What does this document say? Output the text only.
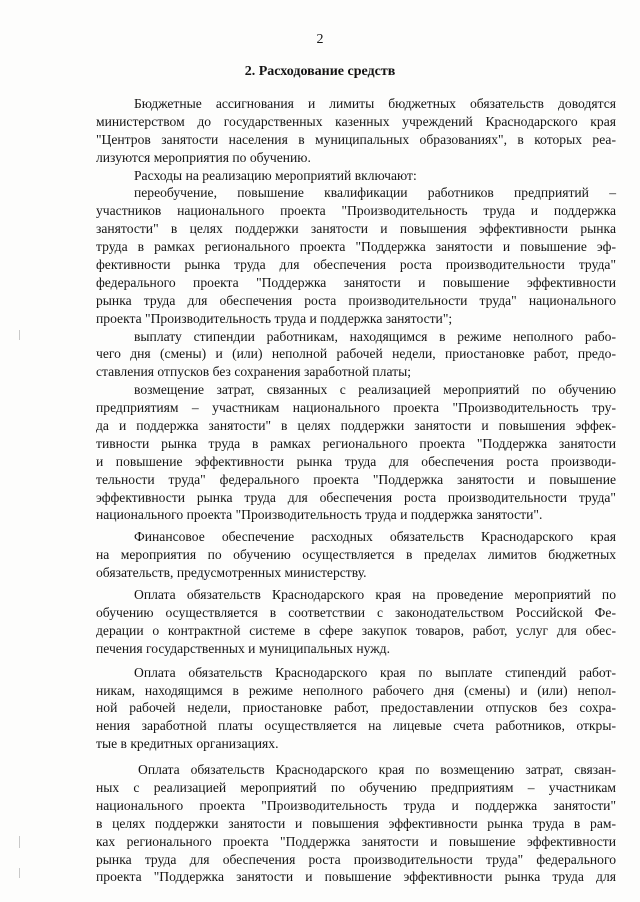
2
2. Расходование средств
Бюджетные ассигнования и лимиты бюджетных обязательств доводятся
министерством до государственных казенных учреждений Краснодарского края
"Центров занятости населения в муниципальных образованиях", в которых реа-
лизуются мероприятия по обучению.
Расходы на реализацию мероприятий включают:
переобучение, повышение квалификации работников предприятий –
участников национального проекта "Производительность труда и поддержка
занятости" в целях поддержки занятости и повышения эффективности рынка
труда в рамках регионального проекта "Поддержка занятости и повышение эф-
фективности рынка труда для обеспечения роста производительности труда"
федерального проекта "Поддержка занятости и повышение эффективности
рынка труда для обеспечения роста производительности труда" национального
проекта "Производительность труда и поддержка занятости";
выплату стипендии работникам, находящимся в режиме неполного рабо-
чего дня (смены) и (или) неполной рабочей недели, приостановке работ, предо-
ставления отпусков без сохранения заработной платы;
возмещение затрат, связанных с реализацией мероприятий по обучению
предприятиям – участникам национального проекта "Производительность тру-
да и поддержка занятости" в целях поддержки занятости и повышения эффек-
тивности рынка труда в рамках регионального проекта "Поддержка занятости
и повышение эффективности рынка труда для обеспечения роста производи-
тельности труда" федерального проекта "Поддержка занятости и повышение
эффективности рынка труда для обеспечения роста производительности труда"
национального проекта "Производительность труда и поддержка занятости".
Финансовое обеспечение расходных обязательств Краснодарского края
на мероприятия по обучению осуществляется в пределах лимитов бюджетных
обязательств, предусмотренных министерству.
Оплата обязательств Краснодарского края на проведение мероприятий по
обучению осуществляется в соответствии с законодательством Российской Фе-
дерации о контрактной системе в сфере закупок товаров, работ, услуг для обес-
печения государственных и муниципальных нужд.
Оплата обязательств Краснодарского края по выплате стипендий работ-
никам, находящимся в режиме неполного рабочего дня (смены) и (или) непол-
ной рабочей недели, приостановке работ, предоставлении отпусков без сохра-
нения заработной платы осуществляется на лицевые счета работников, откры-
тые в кредитных организациях.
Оплата обязательств Краснодарского края по возмещению затрат, связан-
ных с реализацией мероприятий по обучению предприятиям – участникам
национального проекта "Производительность труда и поддержка занятости"
в целях поддержки занятости и повышения эффективности рынка труда в рам-
ках регионального проекта "Поддержка занятости и повышение эффективности
рынка труда для обеспечения роста производительности труда" федерального
проекта "Поддержка занятости и повышение эффективности рынка труда для
